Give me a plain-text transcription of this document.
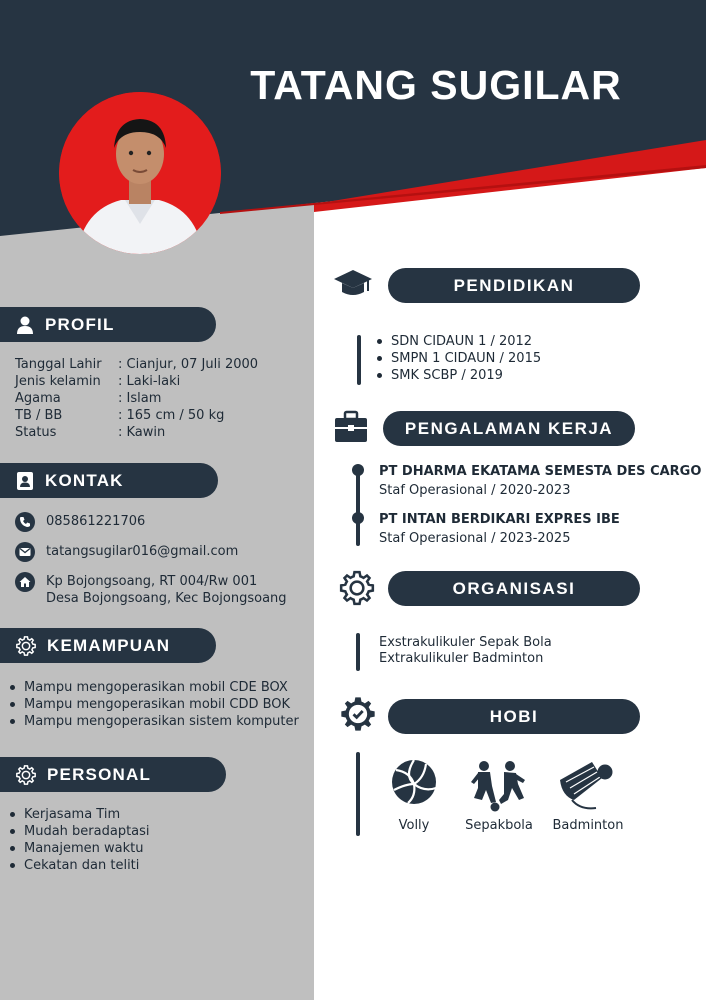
TATANG SUGILAR
PROFIL
Tanggal Lahir	: Cianjur, 07 Juli 2000
Jenis kelamin	: Laki-laki
Agama	: Islam
TB / BB	: 165 cm / 50 kg
Status	: Kawin
KONTAK
085861221706
tatangsugilar016@gmail.com
Kp Bojongsoang, RT 004/Rw 001
Desa Bojongsoang, Kec Bojongsoang
KEMAMPUAN
Mampu mengoperasikan mobil CDE BOX
Mampu mengoperasikan mobil CDD BOK
Mampu mengoperasikan sistem komputer
PERSONAL
Kerjasama Tim
Mudah beradaptasi
Manajemen waktu
Cekatan dan teliti
PENDIDIKAN
SDN CIDAUN 1 / 2012
SMPN 1 CIDAUN / 2015
SMK SCBP / 2019
PENGALAMAN KERJA
PT DHARMA EKATAMA SEMESTA DES CARGO
Staf Operasional / 2020-2023
PT INTAN BERDIKARI EXPRES IBE
Staf Operasional / 2023-2025
ORGANISASI
Exstrakulikuler Sepak Bola
Extrakulikuler Badminton
HOBI
Volly	Sepakbola	Badminton
